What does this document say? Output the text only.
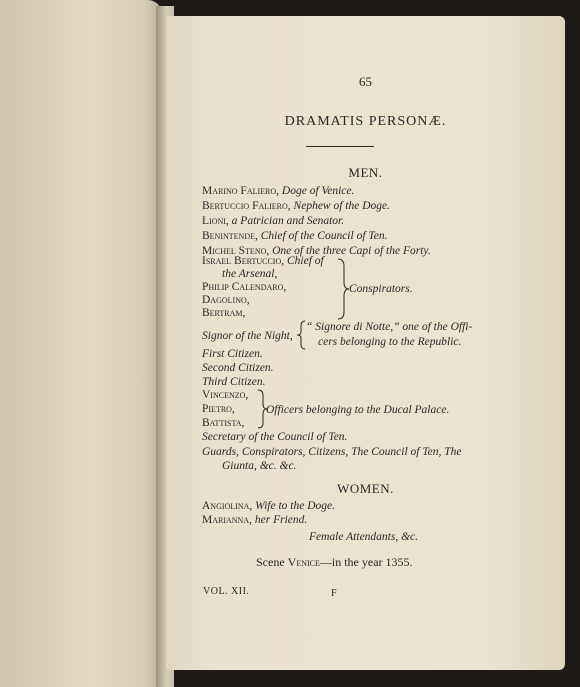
65
DRAMATIS PERSONÆ.
MEN.
Marino Faliero, Doge of Venice.
Bertuccio Faliero, Nephew of the Doge.
Lioni, a Patrician and Senator.
Benintende, Chief of the Council of Ten.
Michel Steno, One of the three Capi of the Forty.
Israel Bertuccio, Chief of
the Arsenal,
Philip Calendaro,
Dagolino,
Bertram,
Conspirators.
Signor of the Night,
“ Signore di Notte,” one of the Offi-
cers belonging to the Republic.
First Citizen.
Second Citizen.
Third Citizen.
Vincenzo,
Pietro,
Battista,
Officers belonging to the Ducal Palace.
Secretary of the Council of Ten.
Guards, Conspirators, Citizens, The Council of Ten, The
Giunta, &c. &c.
WOMEN.
Angiolina, Wife to the Doge.
Marianna, her Friend.
Female Attendants, &c.
Scene Venice—in the year 1355.
VOL. XII.	F
